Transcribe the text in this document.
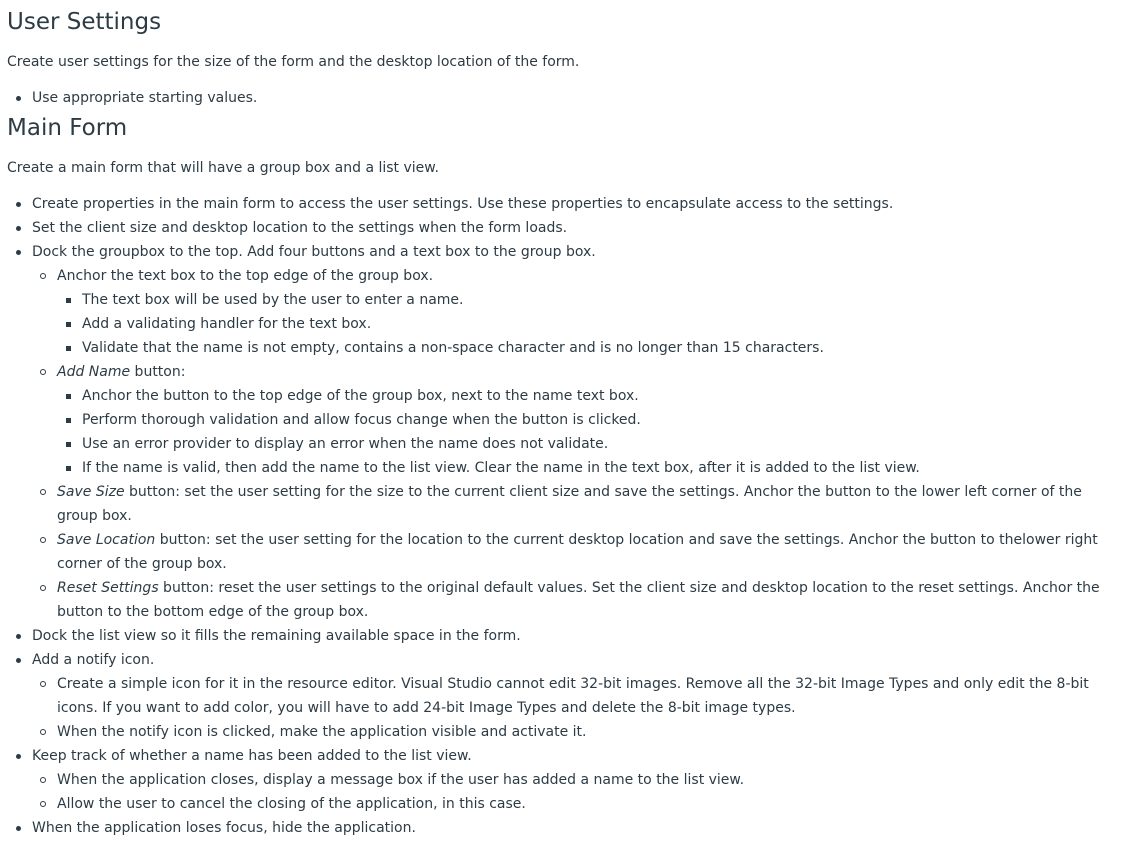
User Settings

Create user settings for the size of the form and the desktop location of the form.

Use appropriate starting values.
Main Form

Create a main form that will have a group box and a list view.

Create properties in the main form to access the user settings. Use these properties to encapsulate access to the settings.
Set the client size and desktop location to the settings when the form loads.
Dock the groupbox to the top. Add four buttons and a text box to the group box.
Anchor the text box to the top edge of the group box.
The text box will be used by the user to enter a name.
Add a validating handler for the text box.
Validate that the name is not empty, contains a non-space character and is no longer than 15 characters.
Add Name button:
Anchor the button to the top edge of the group box, next to the name text box.
Perform thorough validation and allow focus change when the button is clicked.
Use an error provider to display an error when the name does not validate.
If the name is valid, then add the name to the list view. Clear the name in the text box, after it is added to the list view.
Save Size button: set the user setting for the size to the current client size and save the settings. Anchor the button to the lower left corner of the group box.
Save Location button: set the user setting for the location to the current desktop location and save the settings. Anchor the button to thelower right corner of the group box.
Reset Settings button: reset the user settings to the original default values. Set the client size and desktop location to the reset settings. Anchor the button to the bottom edge of the group box.
Dock the list view so it fills the remaining available space in the form.
Add a notify icon.
Create a simple icon for it in the resource editor. Visual Studio cannot edit 32-bit images. Remove all the 32-bit Image Types and only edit the 8-bit icons. If you want to add color, you will have to add 24-bit Image Types and delete the 8-bit image types.
When the notify icon is clicked, make the application visible and activate it.
Keep track of whether a name has been added to the list view.
When the application closes, display a message box if the user has added a name to the list view.
Allow the user to cancel the closing of the application, in this case.
When the application loses focus, hide the application.
